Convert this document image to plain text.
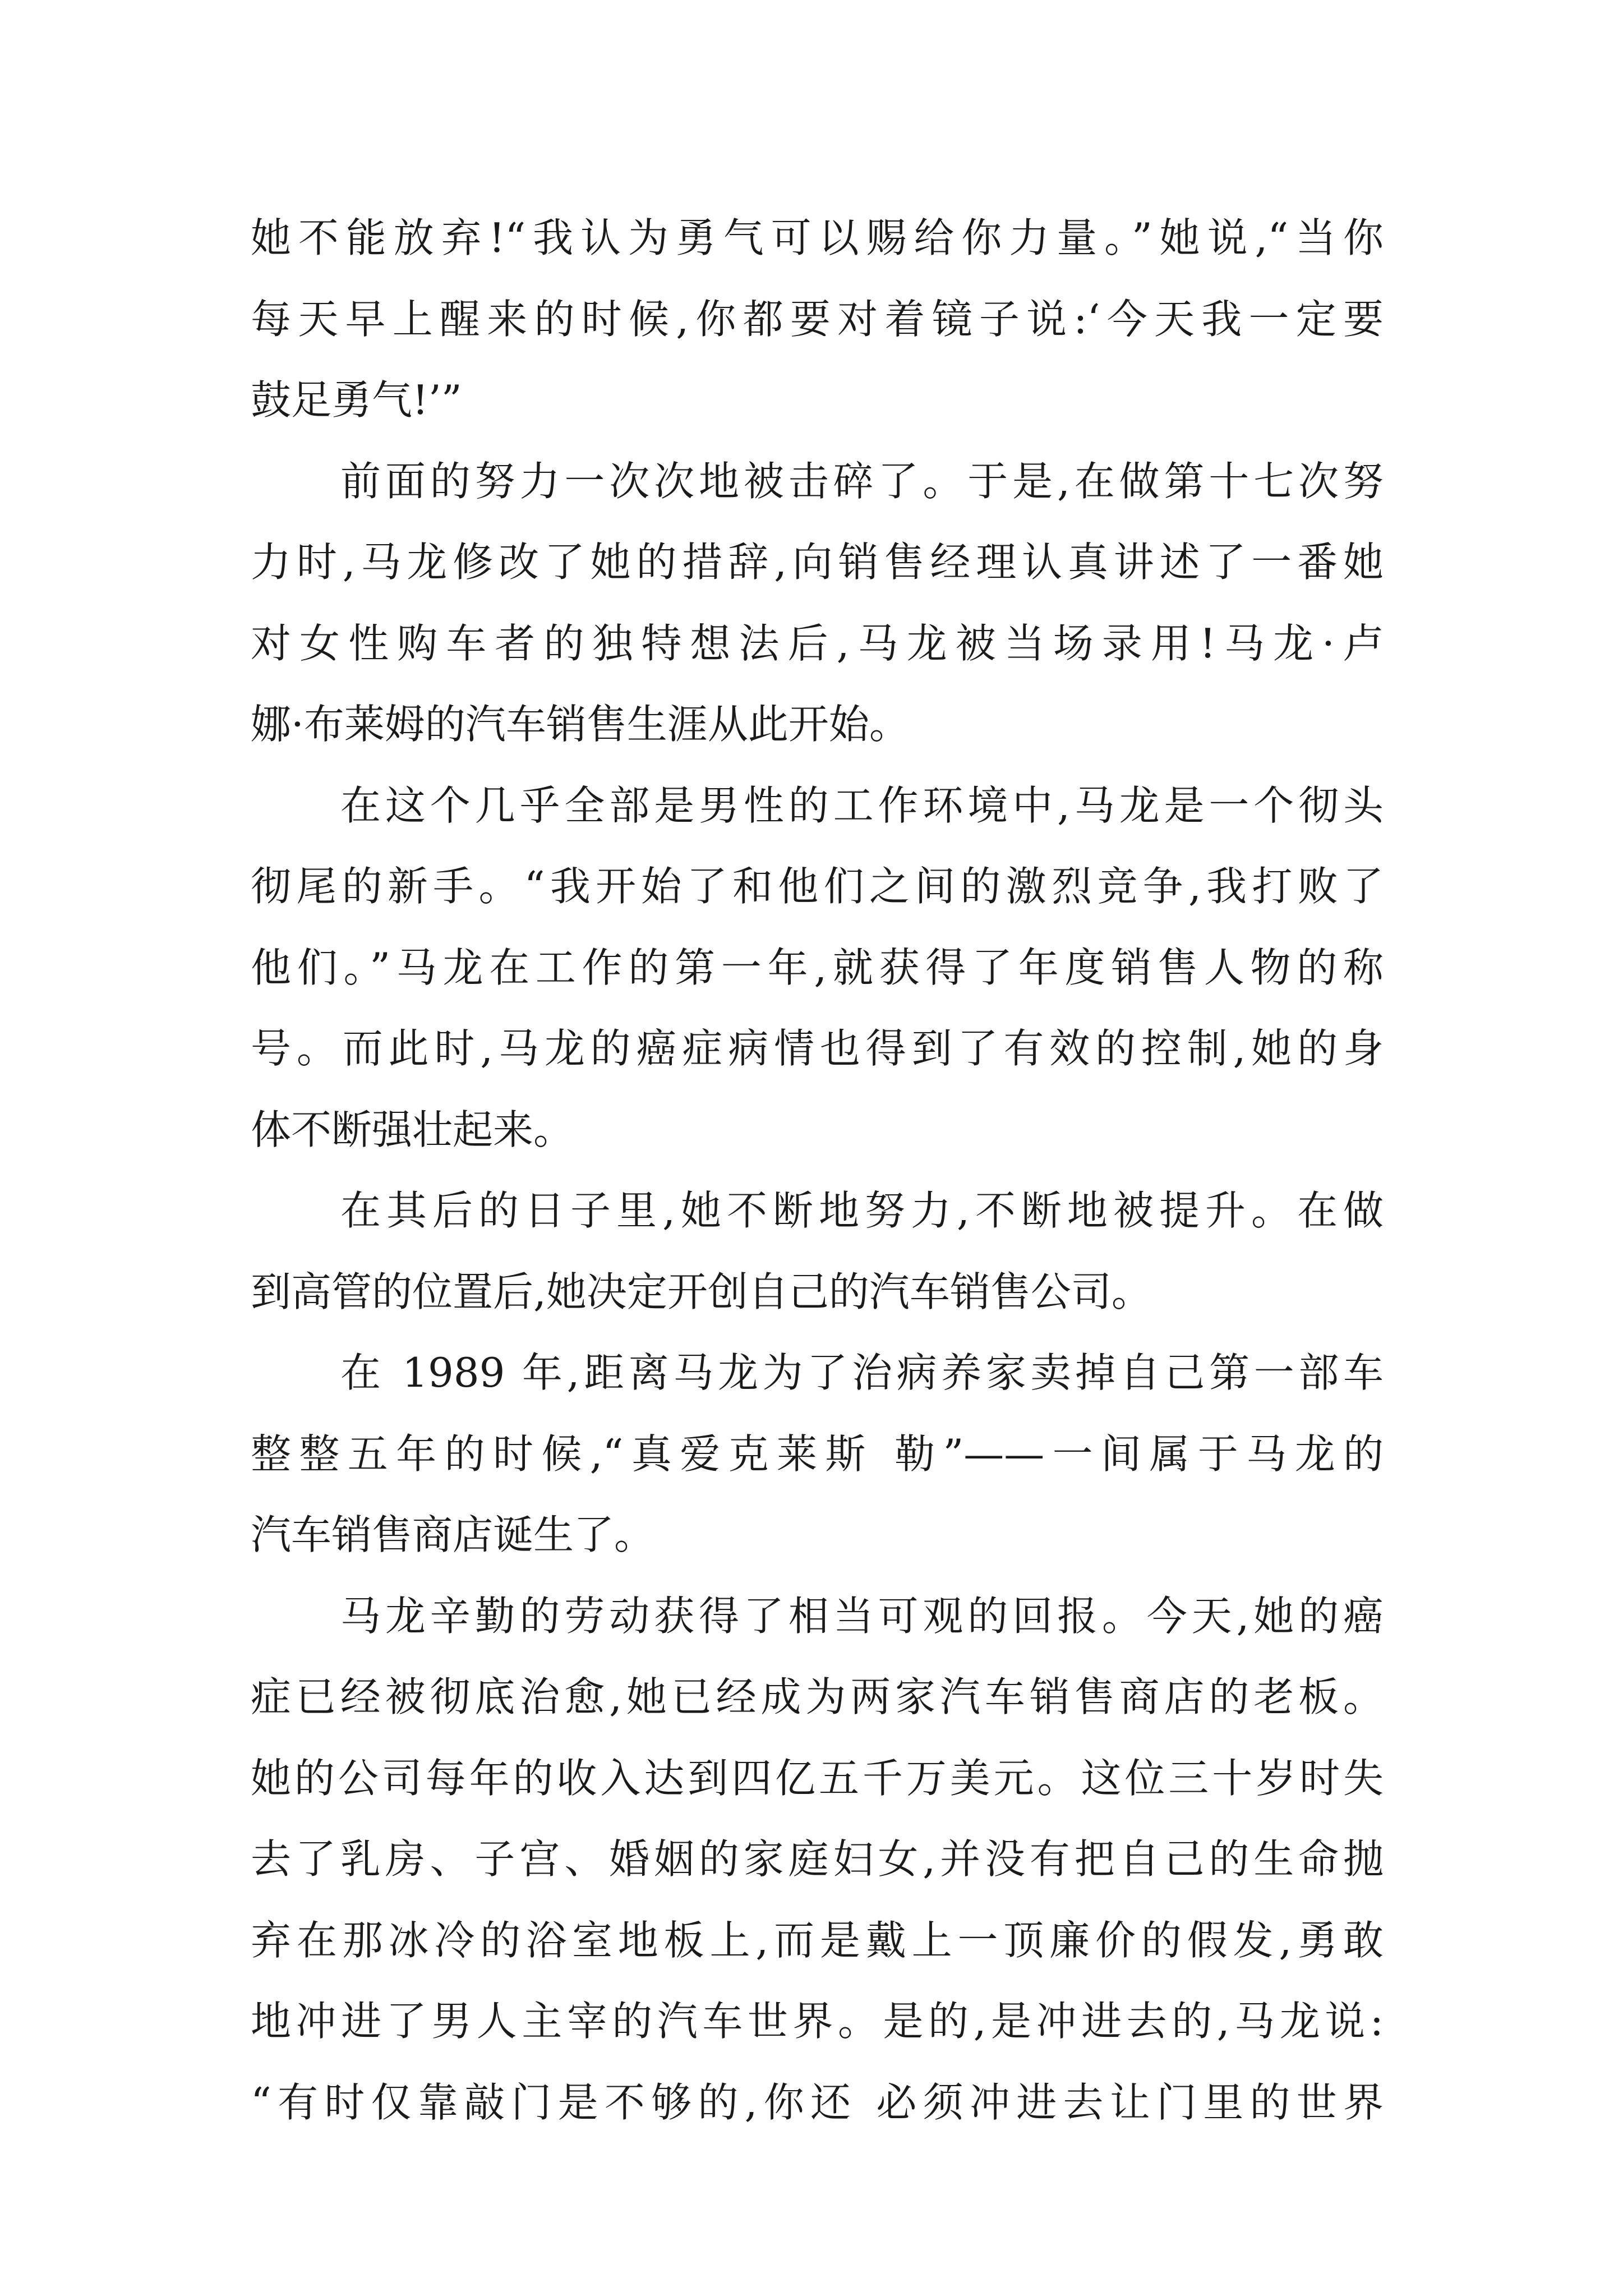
她不能放弃!“我认为勇气可以赐给你力量。”她说,“当你
每天早上醒来的时候,你都要对着镜子说:‘今天我一定要
鼓足勇气!’”
前面的努力一次次地被击碎了。于是,在做第十七次努
力时,马龙修改了她的措辞,向销售经理认真讲述了一番她
对女性购车者的独特想法后,马龙被当场录用!马龙·卢
娜·布莱姆的汽车销售生涯从此开始。
在这个几乎全部是男性的工作环境中,马龙是一个彻头
彻尾的新手。“我开始了和他们之间的激烈竞争,我打败了
他们。”马龙在工作的第一年,就获得了年度销售人物的称
号。而此时,马龙的癌症病情也得到了有效的控制,她的身
体不断强壮起来。
在其后的日子里,她不断地努力,不断地被提升。在做
到高管的位置后,她决定开创自己的汽车销售公司。
在 1989 年,距离马龙为了治病养家卖掉自己第一部车
整整五年的时候,“真爱克莱斯 勒”——一间属于马龙的
汽车销售商店诞生了。
马龙辛勤的劳动获得了相当可观的回报。今天,她的癌
症已经被彻底治愈,她已经成为两家汽车销售商店的老板。
她的公司每年的收入达到四亿五千万美元。这位三十岁时失
去了乳房、子宫、婚姻的家庭妇女,并没有把自己的生命抛
弃在那冰冷的浴室地板上,而是戴上一顶廉价的假发,勇敢
地冲进了男人主宰的汽车世界。是的,是冲进去的,马龙说:
“有时仅靠敲门是不够的,你还 必须冲进去让门里的世界
